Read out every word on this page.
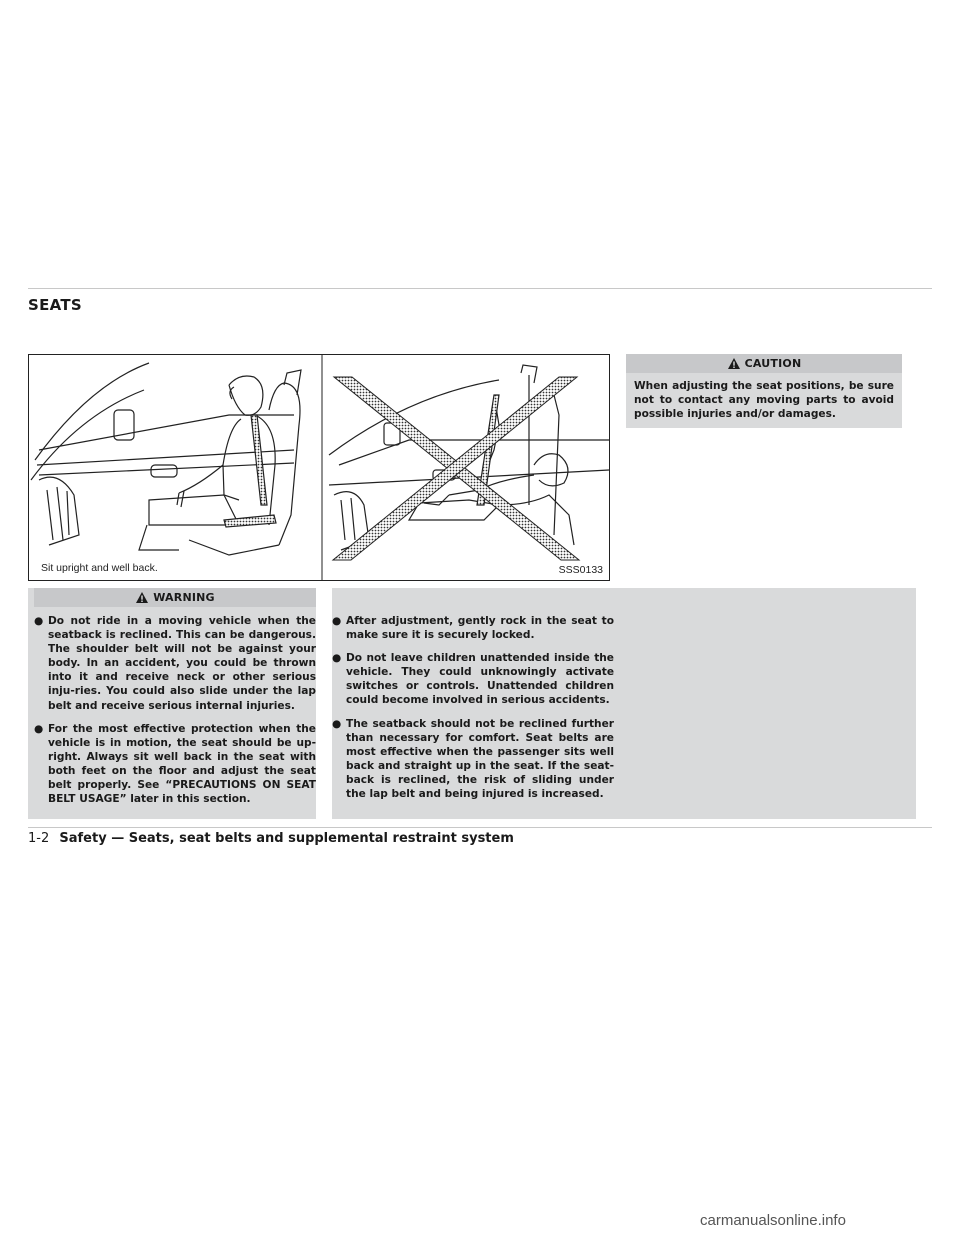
SEATS
Sit upright and well back.	SSS0133
CAUTION
When adjusting the seat positions, be sure not to contact any moving parts to avoid possible injuries and/or damages.
WARNING
● Do not ride in a moving vehicle when the seatback is reclined. This can be dangerous. The shoulder belt will not be against your body. In an accident, you could be thrown into it and receive neck or other serious inju-ries. You could also slide under the lap belt and receive serious internal injuries.
● For the most effective protection when the vehicle is in motion, the seat should be up-right. Always sit well back in the seat with both feet on the floor and adjust the seat belt properly. See “PRECAUTIONS ON SEAT BELT USAGE” later in this section.
● After adjustment, gently rock in the seat to make sure it is securely locked.
● Do not leave children unattended inside the vehicle. They could unknowingly activate switches or controls. Unattended children could become involved in serious accidents.
● The seatback should not be reclined further than necessary for comfort. Seat belts are most effective when the passenger sits well back and straight up in the seat. If the seat-back is reclined, the risk of sliding under the lap belt and being injured is increased.
1-2 Safety — Seats, seat belts and supplemental restraint system
carmanualsonline.info
